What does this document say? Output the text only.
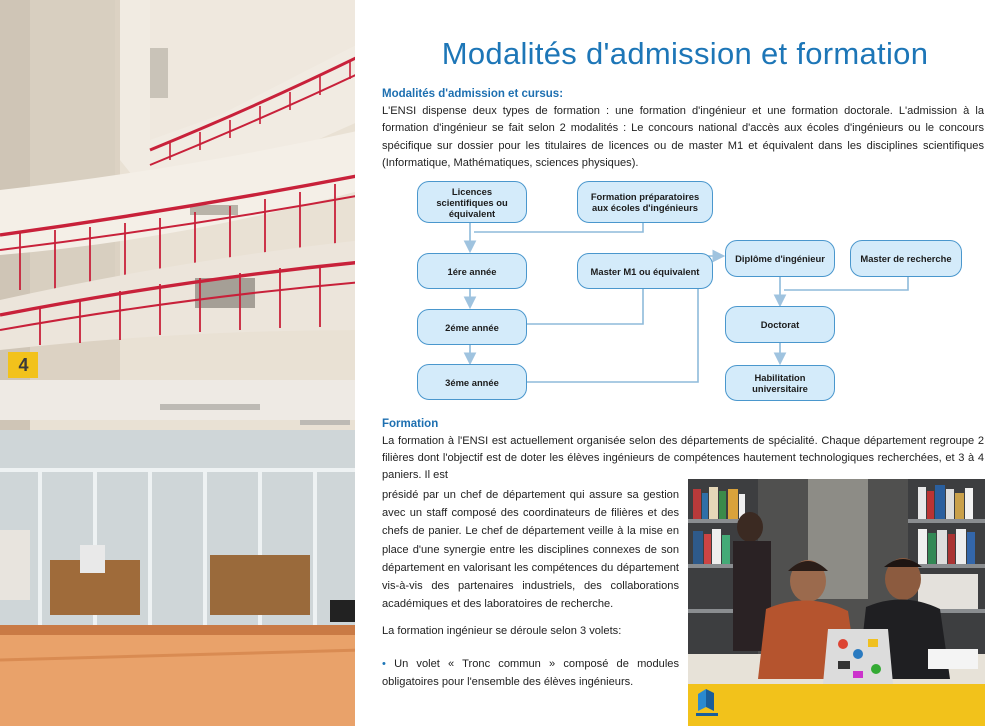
4
Modalités d'admission et formation
Modalités d'admission et cursus:

L'ENSI dispense deux types de formation : une formation d'ingénieur et une formation doctorale. L'admission à la formation d'ingénieur se fait selon 2 modalités : Le concours national d'accès aux écoles d'ingénieurs ou le concours spécifique sur dossier pour les titulaires de licences ou de master M1 et équivalent dans les disciplines scientifiques (Informatique, Mathématiques, sciences physiques).

Licences scientifiques ou équivalent
Formation préparatoires aux écoles d'ingénieurs
1ére année	Master M1 ou équivalent
2éme année
3éme année
Diplôme d'ingénieur	Master de recherche
Doctorat
Habilitation universitaire
Formation

La formation à l'ENSI est actuellement organisée selon des départements de spécialité. Chaque département regroupe 2 filières dont l'objectif est de doter les élèves ingénieurs de compétences hautement technologiques recherchées, et 3 à 4 paniers. Il est

présidé par un chef de département qui assure sa gestion avec un staff composé des coordinateurs de filières et des chefs de panier. Le chef de département veille à la mise en place d'une synergie entre les disciplines connexes de son département en valorisant les compétences du département vis-à-vis des partenaires industriels, des collaborations académiques et des laboratoires de recherche.
La formation ingénieur se déroule selon 3 volets:
• Un volet « Tronc commun » composé de modules obligatoires pour l'ensemble des élèves ingénieurs.
